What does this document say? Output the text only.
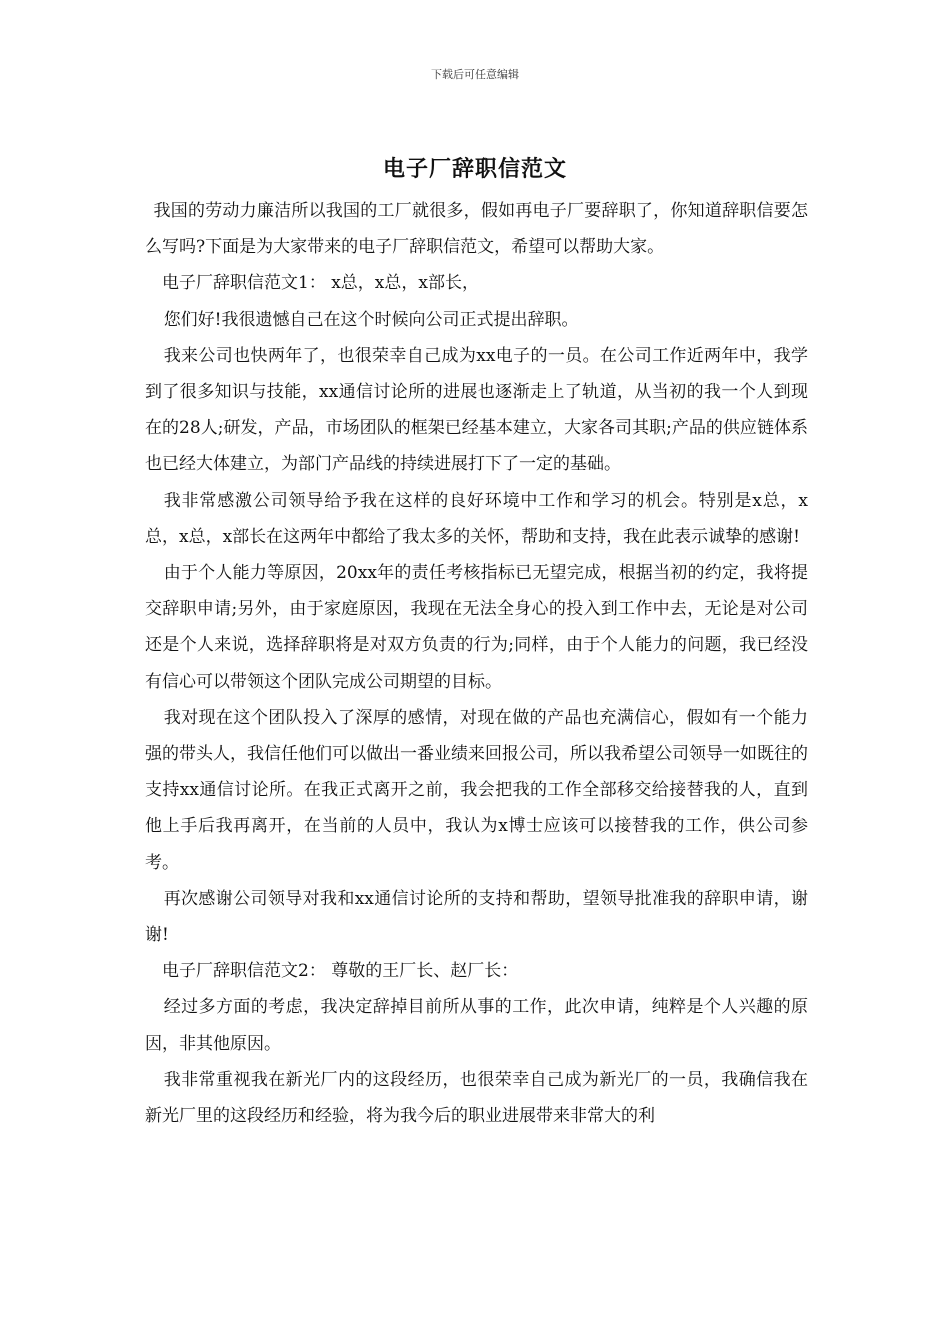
下载后可任意编辑
电子厂辞职信范文

我国的劳动力廉洁所以我国的工厂就很多，假如再电子厂要辞职了，你知道辞职信要怎么写吗?下面是为大家带来的电子厂辞职信范文，希望可以帮助大家。

电子厂辞职信范文1： x总，x总，x部长，

您们好!我很遗憾自己在这个时候向公司正式提出辞职。

我来公司也快两年了，也很荣幸自己成为xx电子的一员。在公司工作近两年中，我学到了很多知识与技能，xx通信讨论所的进展也逐渐走上了轨道，从当初的我一个人到现在的28人;研发，产品，市场团队的框架已经基本建立，大家各司其职;产品的供应链体系也已经大体建立，为部门产品线的持续进展打下了一定的基础。

我非常感激公司领导给予我在这样的良好环境中工作和学习的机会。特别是x总，x总，x总，x部长在这两年中都给了我太多的关怀，帮助和支持，我在此表示诚挚的感谢!

由于个人能力等原因，20xx年的责任考核指标已无望完成，根据当初的约定，我将提交辞职申请;另外，由于家庭原因，我现在无法全身心的投入到工作中去，无论是对公司还是个人来说，选择辞职将是对双方负责的行为;同样，由于个人能力的问题，我已经没有信心可以带领这个团队完成公司期望的目标。

我对现在这个团队投入了深厚的感情，对现在做的产品也充满信心，假如有一个能力强的带头人，我信任他们可以做出一番业绩来回报公司，所以我希望公司领导一如既往的支持xx通信讨论所。在我正式离开之前，我会把我的工作全部移交给接替我的人，直到他上手后我再离开，在当前的人员中，我认为x博士应该可以接替我的工作，供公司参考。

再次感谢公司领导对我和xx通信讨论所的支持和帮助，望领导批准我的辞职申请，谢谢!

电子厂辞职信范文2： 尊敬的王厂长、赵厂长：

经过多方面的考虑，我决定辞掉目前所从事的工作，此次申请，纯粹是个人兴趣的原因，非其他原因。

我非常重视我在新光厂内的这段经历，也很荣幸自己成为新光厂的一员，我确信我在新光厂里的这段经历和经验，将为我今后的职业进展带来非常大的利
